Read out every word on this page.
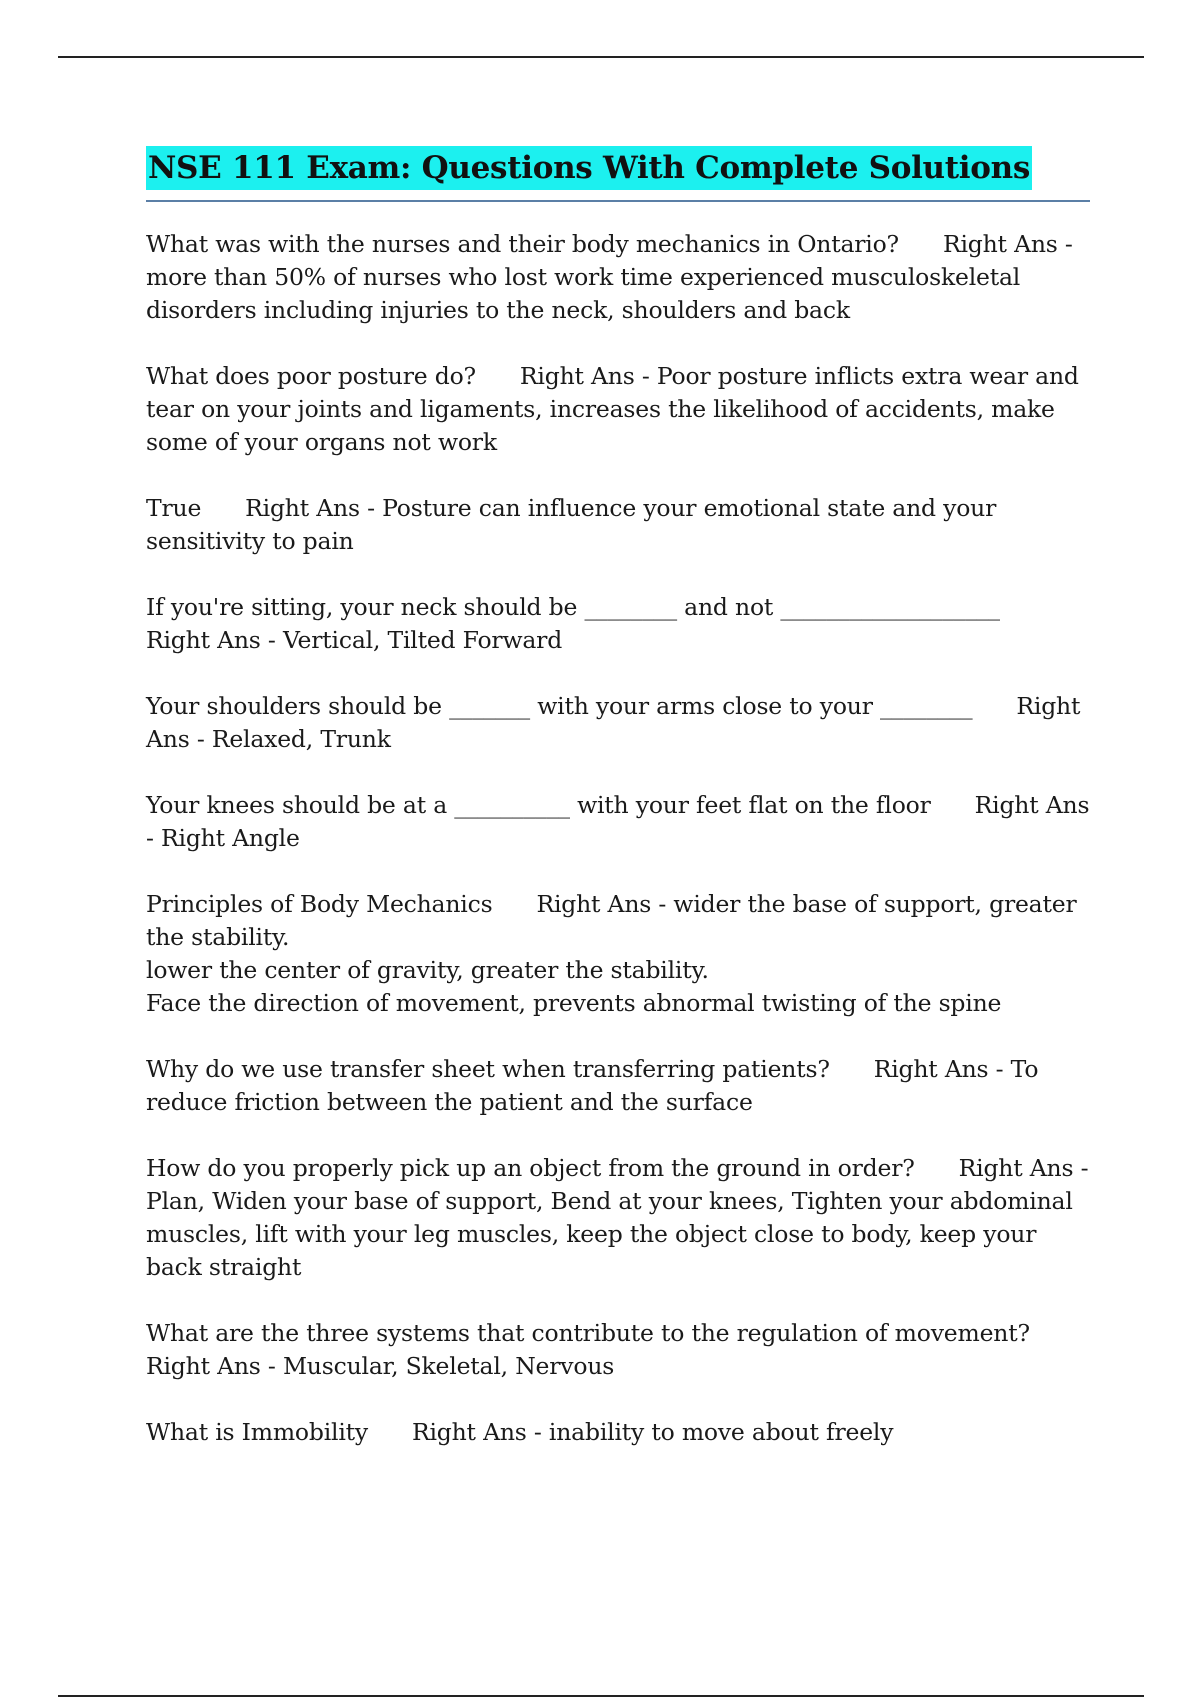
NSE 111 Exam: Questions With Complete Solutions

What was with the nurses and their body mechanics in Ontario? Right Ans - more than 50% of nurses who lost work time experienced musculoskeletal disorders including injuries to the neck, shoulders and back

What does poor posture do? Right Ans - Poor posture inflicts extra wear and tear on your joints and ligaments, increases the likelihood of accidents, make some of your organs not work

True Right Ans - Posture can influence your emotional state and your sensitivity to pain

If you're sitting, your neck should be ________ and not ___________________Right Ans - Vertical, Tilted Forward

Your shoulders should be _______ with your arms close to your ________ Right Ans - Relaxed, Trunk

Your knees should be at a __________ with your feet flat on the floor Right Ans - Right Angle

Principles of Body Mechanics Right Ans - wider the base of support, greater the stability.
lower the center of gravity, greater the stability.
Face the direction of movement, prevents abnormal twisting of the spine

Why do we use transfer sheet when transferring patients? Right Ans - To reduce friction between the patient and the surface

How do you properly pick up an object from the ground in order? Right Ans - Plan, Widen your base of support, Bend at your knees, Tighten your abdominal muscles, lift with your leg muscles, keep the object close to body, keep your back straight

What are the three systems that contribute to the regulation of movement?Right Ans - Muscular, Skeletal, Nervous

What is Immobility Right Ans - inability to move about freely
